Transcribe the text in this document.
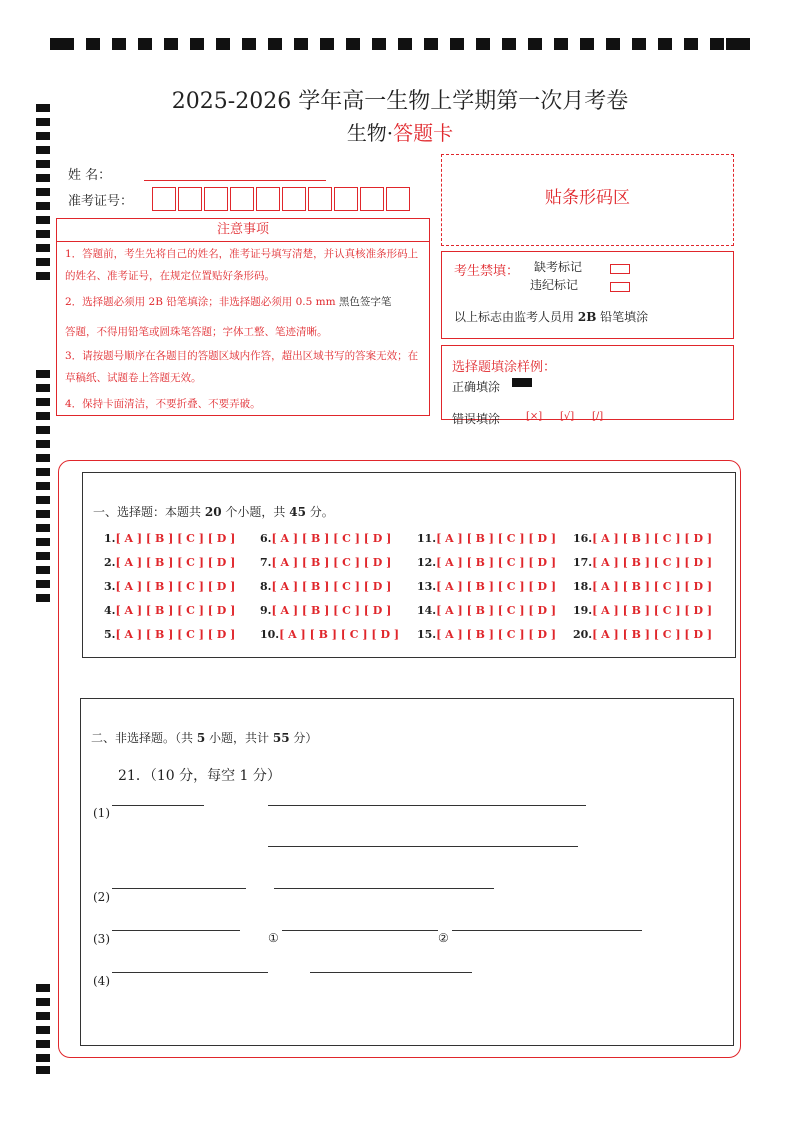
2025-2026 学年高一生物上学期第一次月考卷
生物·答题卡
姓 名：
准考证号：
注意事项
1．答题前，考生先将自己的姓名，准考证号填写清楚，并认真核准条形码上的姓名、准考证号，在规定位置贴好条形码。
2．选择题必须用 2B 铅笔填涂；非选择题必须用 0.5 mm 黑色签字笔
答题，不得用铅笔或圆珠笔答题；字体工整、笔迹清晰。
3．请按题号顺序在各题目的答题区域内作答，超出区域书写的答案无效；在草稿纸、试题卷上答题无效。
4．保持卡面清洁，不要折叠、不要弄破。
贴条形码区
考生禁填： 缺考标记
违纪标记
以上标志由监考人员用 2B 铅笔填涂
选择题填涂样例：
正确填涂
错误填涂	[×] [√] [/]
一、选择题：本题共 20 个小题，共 45 分。
1.[ A ] [ B ] [ C ] [ D ]
2.[ A ] [ B ] [ C ] [ D ]
3.[ A ] [ B ] [ C ] [ D ]
4.[ A ] [ B ] [ C ] [ D ]
5.[ A ] [ B ] [ C ] [ D ]
6.[ A ] [ B ] [ C ] [ D ]
7.[ A ] [ B ] [ C ] [ D ]
8.[ A ] [ B ] [ C ] [ D ]
9.[ A ] [ B ] [ C ] [ D ]
10.[ A ] [ B ] [ C ] [ D ]
11.[ A ] [ B ] [ C ] [ D ]
12.[ A ] [ B ] [ C ] [ D ]
13.[ A ] [ B ] [ C ] [ D ]
14.[ A ] [ B ] [ C ] [ D ]
15.[ A ] [ B ] [ C ] [ D ]
16.[ A ] [ B ] [ C ] [ D ]
17.[ A ] [ B ] [ C ] [ D ]
18.[ A ] [ B ] [ C ] [ D ]
19.[ A ] [ B ] [ C ] [ D ]
20.[ A ] [ B ] [ C ] [ D ]
二、非选择题。（共 5 小题，共计 55 分）
21．（10 分，每空 1 分）
(1)
(2)
(3)	①	②
(4)
